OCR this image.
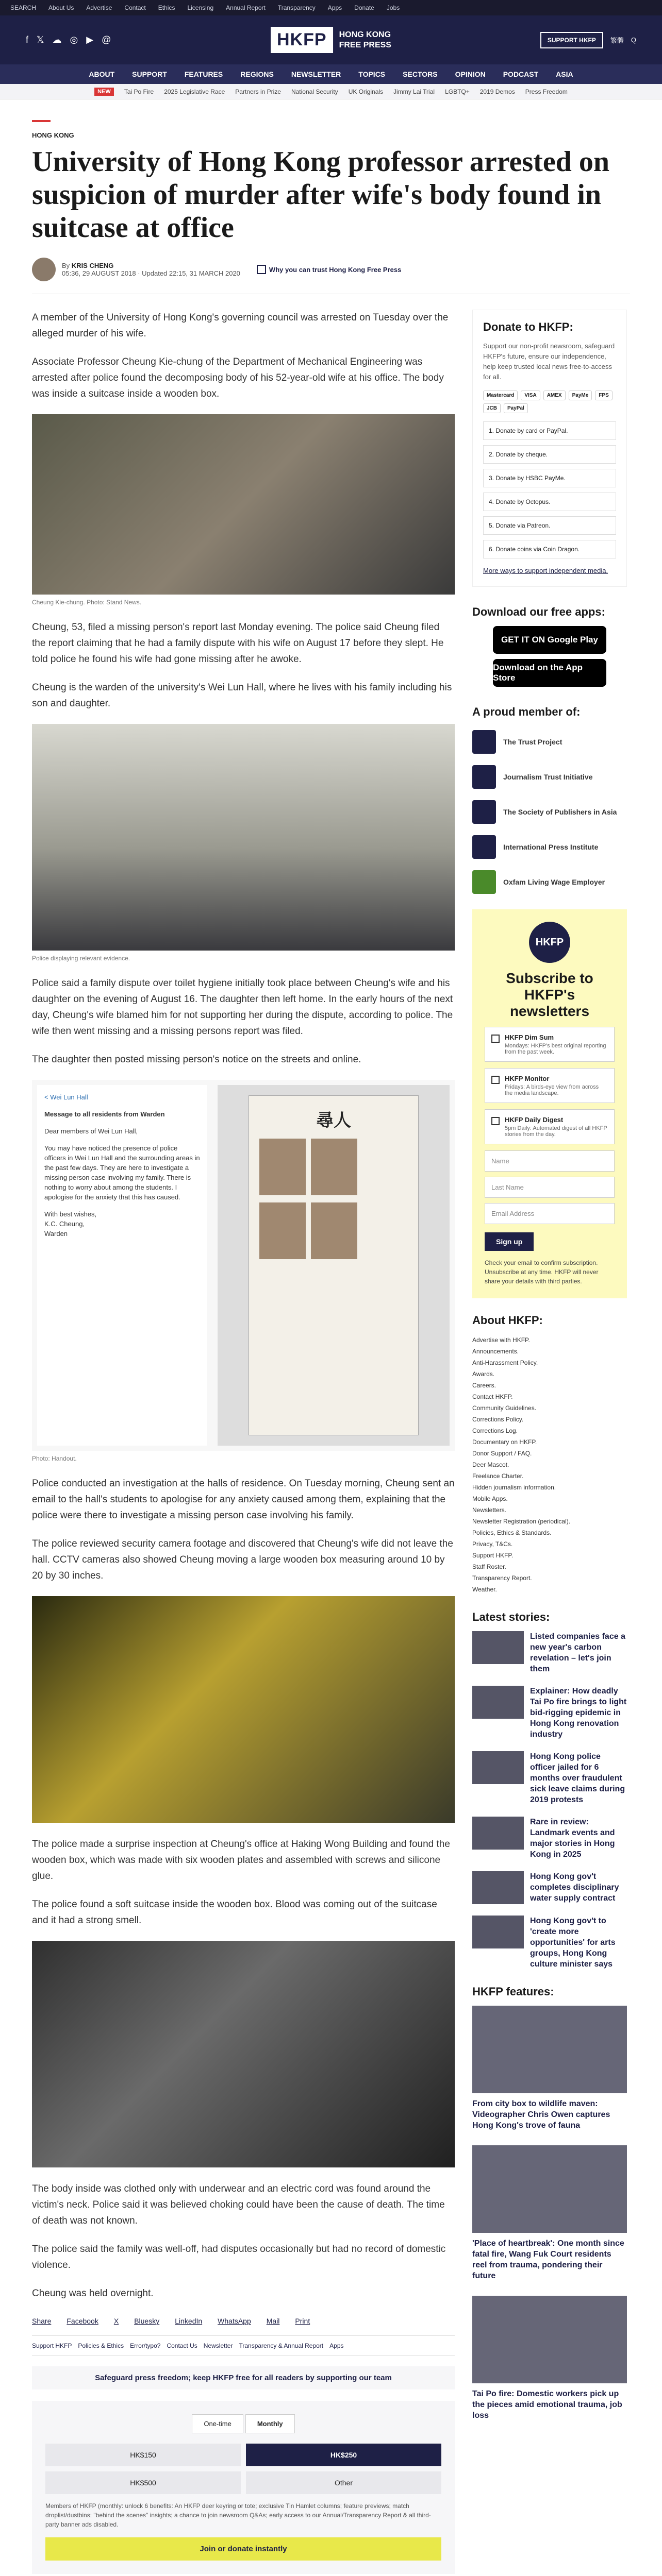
SEARCH About Us Advertise Contact Ethics Licensing Annual Report Transparency Apps Donate Jobs
f 𝕏 ☁ ◎ ▶ @	HKFP	HONG KONG
FREE PRESS
SUPPORT HKFP	繁體 Q
ABOUT SUPPORT FEATURES REGIONS NEWSLETTER TOPICS SECTORS OPINION PODCAST ASIA
NEW	Tai Po Fire 2025 Legislative Race Partners in Prize National Security UK Originals Jimmy Lai Trial LGBTQ+ 2019 Demos Press Freedom
HONG KONG
University of Hong Kong professor arrested on suspicion of murder after wife's body found in suitcase at office
By KRIS CHENG
05:36, 29 AUGUST 2018 · Updated 22:15, 31 MARCH 2020	Why you can trust Hong Kong Free Press

A member of the University of Hong Kong's governing council was arrested on Tuesday over the alleged murder of his wife.

Associate Professor Cheung Kie-chung of the Department of Mechanical Engineering was arrested after police found the decomposing body of his 52-year-old wife at his office. The body was inside a suitcase inside a wooden box.

Cheung Kie-chung. Photo: Stand News.

Cheung, 53, filed a missing person's report last Monday evening. The police said Cheung filed the report claiming that he had a family dispute with his wife on August 17 before they slept. He told police he found his wife had gone missing after he awoke.

Cheung is the warden of the university's Wei Lun Hall, where he lives with his family including his son and daughter.

Police displaying relevant evidence.

Police said a family dispute over toilet hygiene initially took place between Cheung's wife and his daughter on the evening of August 16. The daughter then left home. In the early hours of the next day, Cheung's wife blamed him for not supporting her during the dispute, according to police. The wife then went missing and a missing persons report was filed.

The daughter then posted missing person's notice on the streets and online.

< Wei Lun Hall
Message to all residents from Warden
Dear members of Wei Lun Hall,
You may have noticed the presence of police officers in Wei Lun Hall and the surrounding areas in the past few days. They are here to investigate a missing person case involving my family. There is nothing to worry about among the students. I apologise for the anxiety that this has caused.
With best wishes,
K.C. Cheung,
Warden
尋人
Photo: Handout.

Police conducted an investigation at the halls of residence. On Tuesday morning, Cheung sent an email to the hall's students to apologise for any anxiety caused among them, explaining that the police were there to investigate a missing person case involving his family.

The police reviewed security camera footage and discovered that Cheung's wife did not leave the hall. CCTV cameras also showed Cheung moving a large wooden box measuring around 10 by 20 by 30 inches.

The police made a surprise inspection at Cheung's office at Haking Wong Building and found the wooden box, which was made with six wooden plates and assembled with screws and silicone glue.

The police found a soft suitcase inside the wooden box. Blood was coming out of the suitcase and it had a strong smell.

The body inside was clothed only with underwear and an electric cord was found around the victim's neck. Police said it was believed choking could have been the cause of death. The time of death was not known.

The police said the family was well-off, had disputes occasionally but had no record of domestic violence.

Cheung was held overnight.

Share Facebook X Bluesky LinkedIn WhatsApp Mail Print
Support HKFP Policies & Ethics Error/typo? Contact Us Newsletter Transparency & Annual Report Apps
Safeguard press freedom; keep HKFP free for all readers by supporting our team
One-time	Monthly
HK$150	HK$250
HK$500	Other
Members of HKFP (monthly: unlock 6 benefits: An HKFP deer keyring or tote; exclusive Tin Hamlet columns; feature previews; match droplist/dustbins; "behind the scenes" insights; a chance to join newsroom Q&As; early access to our Annual/Transparency Report & all third-party banner ads disabled.
Join or donate instantly
Donate to HKFP:

Support our non-profit newsroom, safeguard HKFP's future, ensure our independence, help keep trusted local news free-to-access for all.

Mastercard	VISA	AMEX	PayMe	FPS
JCB	PayPal
1. Donate by card or PayPal.
2. Donate by cheque.
3. Donate by HSBC PayMe.
4. Donate by Octopus.
5. Donate via Patreon.
6. Donate coins via Coin Dragon.

More ways to support independent media.

Download our free apps:
GET IT ON Google Play
Download on the App Store
A proud member of:
The Trust Project
Journalism Trust Initiative
The Society of Publishers in Asia
International Press Institute
Oxfam Living Wage Employer
HKFP
Subscribe to HKFP's newsletters
HKFP Dim Sum
Mondays: HKFP's best original reporting from the past week.
HKFP Monitor
Fridays: A birds-eye view from across the media landscape.
HKFP Daily Digest
5pm Daily: Automated digest of all HKFP stories from the day.
Name
Last Name
Email Address
Sign up

Check your email to confirm subscription. Unsubscribe at any time. HKFP will never share your details with third parties.

About HKFP:
Advertise with HKFP.
Announcements.
Anti-Harassment Policy.
Awards.
Careers.
Contact HKFP.
Community Guidelines.
Corrections Policy.
Corrections Log.
Documentary on HKFP.
Donor Support / FAQ.
Deer Mascot.
Freelance Charter.
Hidden journalism information.
Mobile Apps.
Newsletters.
Newsletter Registration (periodical).
Policies, Ethics & Standards.
Privacy, T&Cs.
Support HKFP.
Staff Roster.
Transparency Report.
Weather.
Latest stories:
Listed companies face a new year's carbon revelation – let's join them
Explainer: How deadly Tai Po fire brings to light bid-rigging epidemic in Hong Kong renovation industry
Hong Kong police officer jailed for 6 months over fraudulent sick leave claims during 2019 protests
Rare in review: Landmark events and major stories in Hong Kong in 2025
Hong Kong gov't completes disciplinary water supply contract
Hong Kong gov't to 'create more opportunities' for arts groups, Hong Kong culture minister says
HKFP features:
From city box to wildlife maven: Videographer Chris Owen captures Hong Kong's trove of fauna
'Place of heartbreak': One month since fatal fire, Wang Fuk Court residents reel from trauma, pondering their future
Tai Po fire: Domestic workers pick up the pieces amid emotional trauma, job loss
